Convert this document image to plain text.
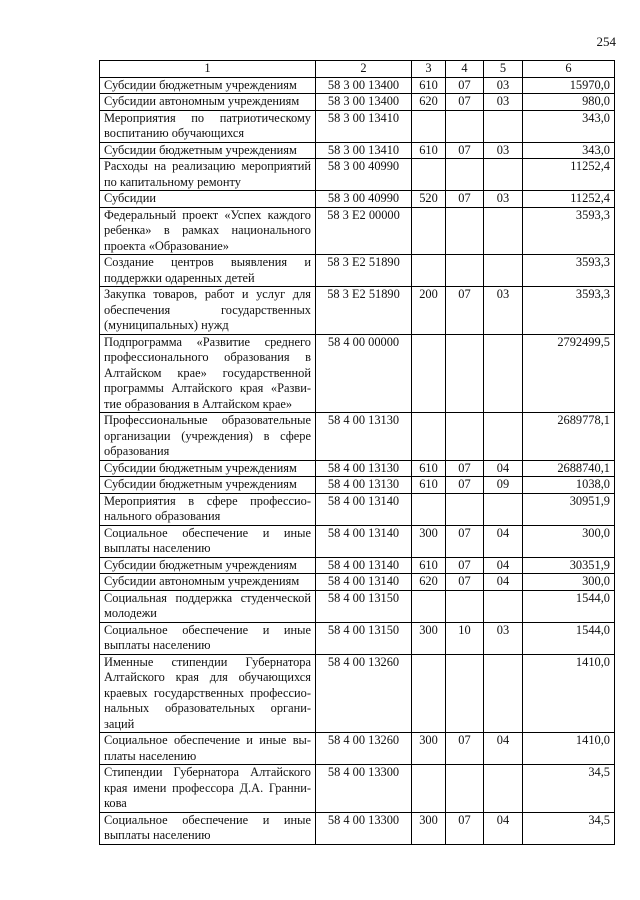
254
1	2	3	4	5	6
Субсидии бюджетным учреждениям	58 3 00 13400	610	07	03	15970,0
Субсидии автономным учреждениям	58 3 00 13400	620	07	03	980,0
Мероприятия по патриотическому воспитанию обучающихся	58 3 00 13410				343,0
Субсидии бюджетным учреждениям	58 3 00 13410	610	07	03	343,0
Расходы на реализацию мероприятий по капитальному ремонту	58 3 00 40990				11252,4
Субсидии	58 3 00 40990	520	07	03	11252,4
Федеральный проект «Успех каждого ребенка» в рамках национального проекта «Образование»	58 3 E2 00000				3593,3
Создание центров выявления и поддержки одаренных детей	58 3 E2 51890				3593,3
Закупка товаров, работ и услуг для обеспечения государственных (муниципальных) нужд	58 3 E2 51890	200	07	03	3593,3
Подпрограмма «Развитие среднего профессионального образования в Алтайском крае» государственной программы Алтайского края «Разви- тие образования в Алтайском крае»	58 4 00 00000				2792499,5
Профессиональные образовательные организации (учреждения) в сфере образования	58 4 00 13130				2689778,1
Субсидии бюджетным учреждениям	58 4 00 13130	610	07	04	2688740,1
Субсидии бюджетным учреждениям	58 4 00 13130	610	07	09	1038,0
Мероприятия в сфере профессио- нального образования	58 4 00 13140				30951,9
Социальное обеспечение и иные выплаты населению	58 4 00 13140	300	07	04	300,0
Субсидии бюджетным учреждениям	58 4 00 13140	610	07	04	30351,9
Субсидии автономным учреждениям	58 4 00 13140	620	07	04	300,0
Социальная поддержка студенческой молодежи	58 4 00 13150				1544,0
Социальное обеспечение и иные выплаты населению	58 4 00 13150	300	10	03	1544,0
Именные стипендии Губернатора Алтайского края для обучающихся краевых государственных профессио- нальных образовательных органи- заций	58 4 00 13260				1410,0
Социальное обеспечение и иные вы- платы населению	58 4 00 13260	300	07	04	1410,0
Стипендии Губернатора Алтайского края имени профессора Д.А. Гранни- кова	58 4 00 13300				34,5
Социальное обеспечение и иные выплаты населению	58 4 00 13300	300	07	04	34,5
